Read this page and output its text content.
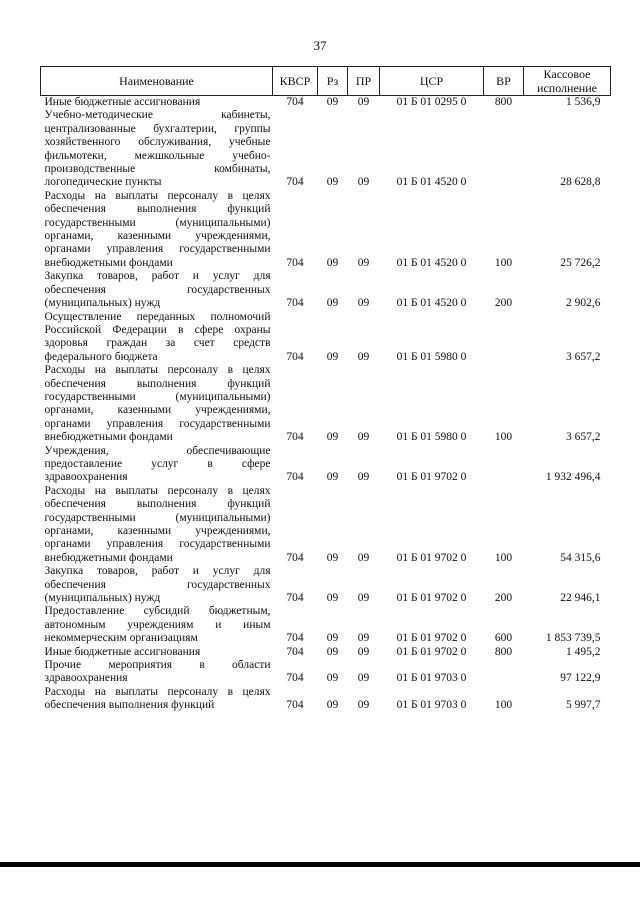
37
Наименование	КВСР	Рз	ПР	ЦСР	ВР	Кассовое исполнение
Иные бюджетные ассигнования	704	09	09	01 Б 01 0295 0	800	1 536,9
Учебно-методические кабинеты, централизованные бухгалтерии, группы хозяйственного обслуживания, учебные фильмотеки, межшкольные учебно-производственные комбинаты, логопедические пункты	704	09	09	01 Б 01 4520 0		28 628,8
Расходы на выплаты персоналу в целях обеспечения выполнения функций государственными (муниципальными) органами, казенными учреждениями, органами управления государственными внебюджетными фондами	704	09	09	01 Б 01 4520 0	100	25 726,2
Закупка товаров, работ и услуг для обеспечения государственных (муниципальных) нужд	704	09	09	01 Б 01 4520 0	200	2 902,6
Осуществление переданных полномочий Российской Федерации в сфере охраны здоровья граждан за счет средств федерального бюджета	704	09	09	01 Б 01 5980 0		3 657,2
Расходы на выплаты персоналу в целях обеспечения выполнения функций государственными (муниципальными) органами, казенными учреждениями, органами управления государственными внебюджетными фондами	704	09	09	01 Б 01 5980 0	100	3 657,2
Учреждения, обеспечивающие предоставление услуг в сфере здравоохранения	704	09	09	01 Б 01 9702 0		1 932 496,4
Расходы на выплаты персоналу в целях обеспечения выполнения функций государственными (муниципальными) органами, казенными учреждениями, органами управления государственными внебюджетными фондами	704	09	09	01 Б 01 9702 0	100	54 315,6
Закупка товаров, работ и услуг для обеспечения государственных (муниципальных) нужд	704	09	09	01 Б 01 9702 0	200	22 946,1
Предоставление субсидий бюджетным, автономным учреждениям и иным некоммерческим организациям	704	09	09	01 Б 01 9702 0	600	1 853 739,5
Иные бюджетные ассигнования	704	09	09	01 Б 01 9702 0	800	1 495,2
Прочие мероприятия в области здравоохранения	704	09	09	01 Б 01 9703 0		97 122,9
Расходы на выплаты персоналу в целях обеспечения выполнения функций	704	09	09	01 Б 01 9703 0	100	5 997,7
